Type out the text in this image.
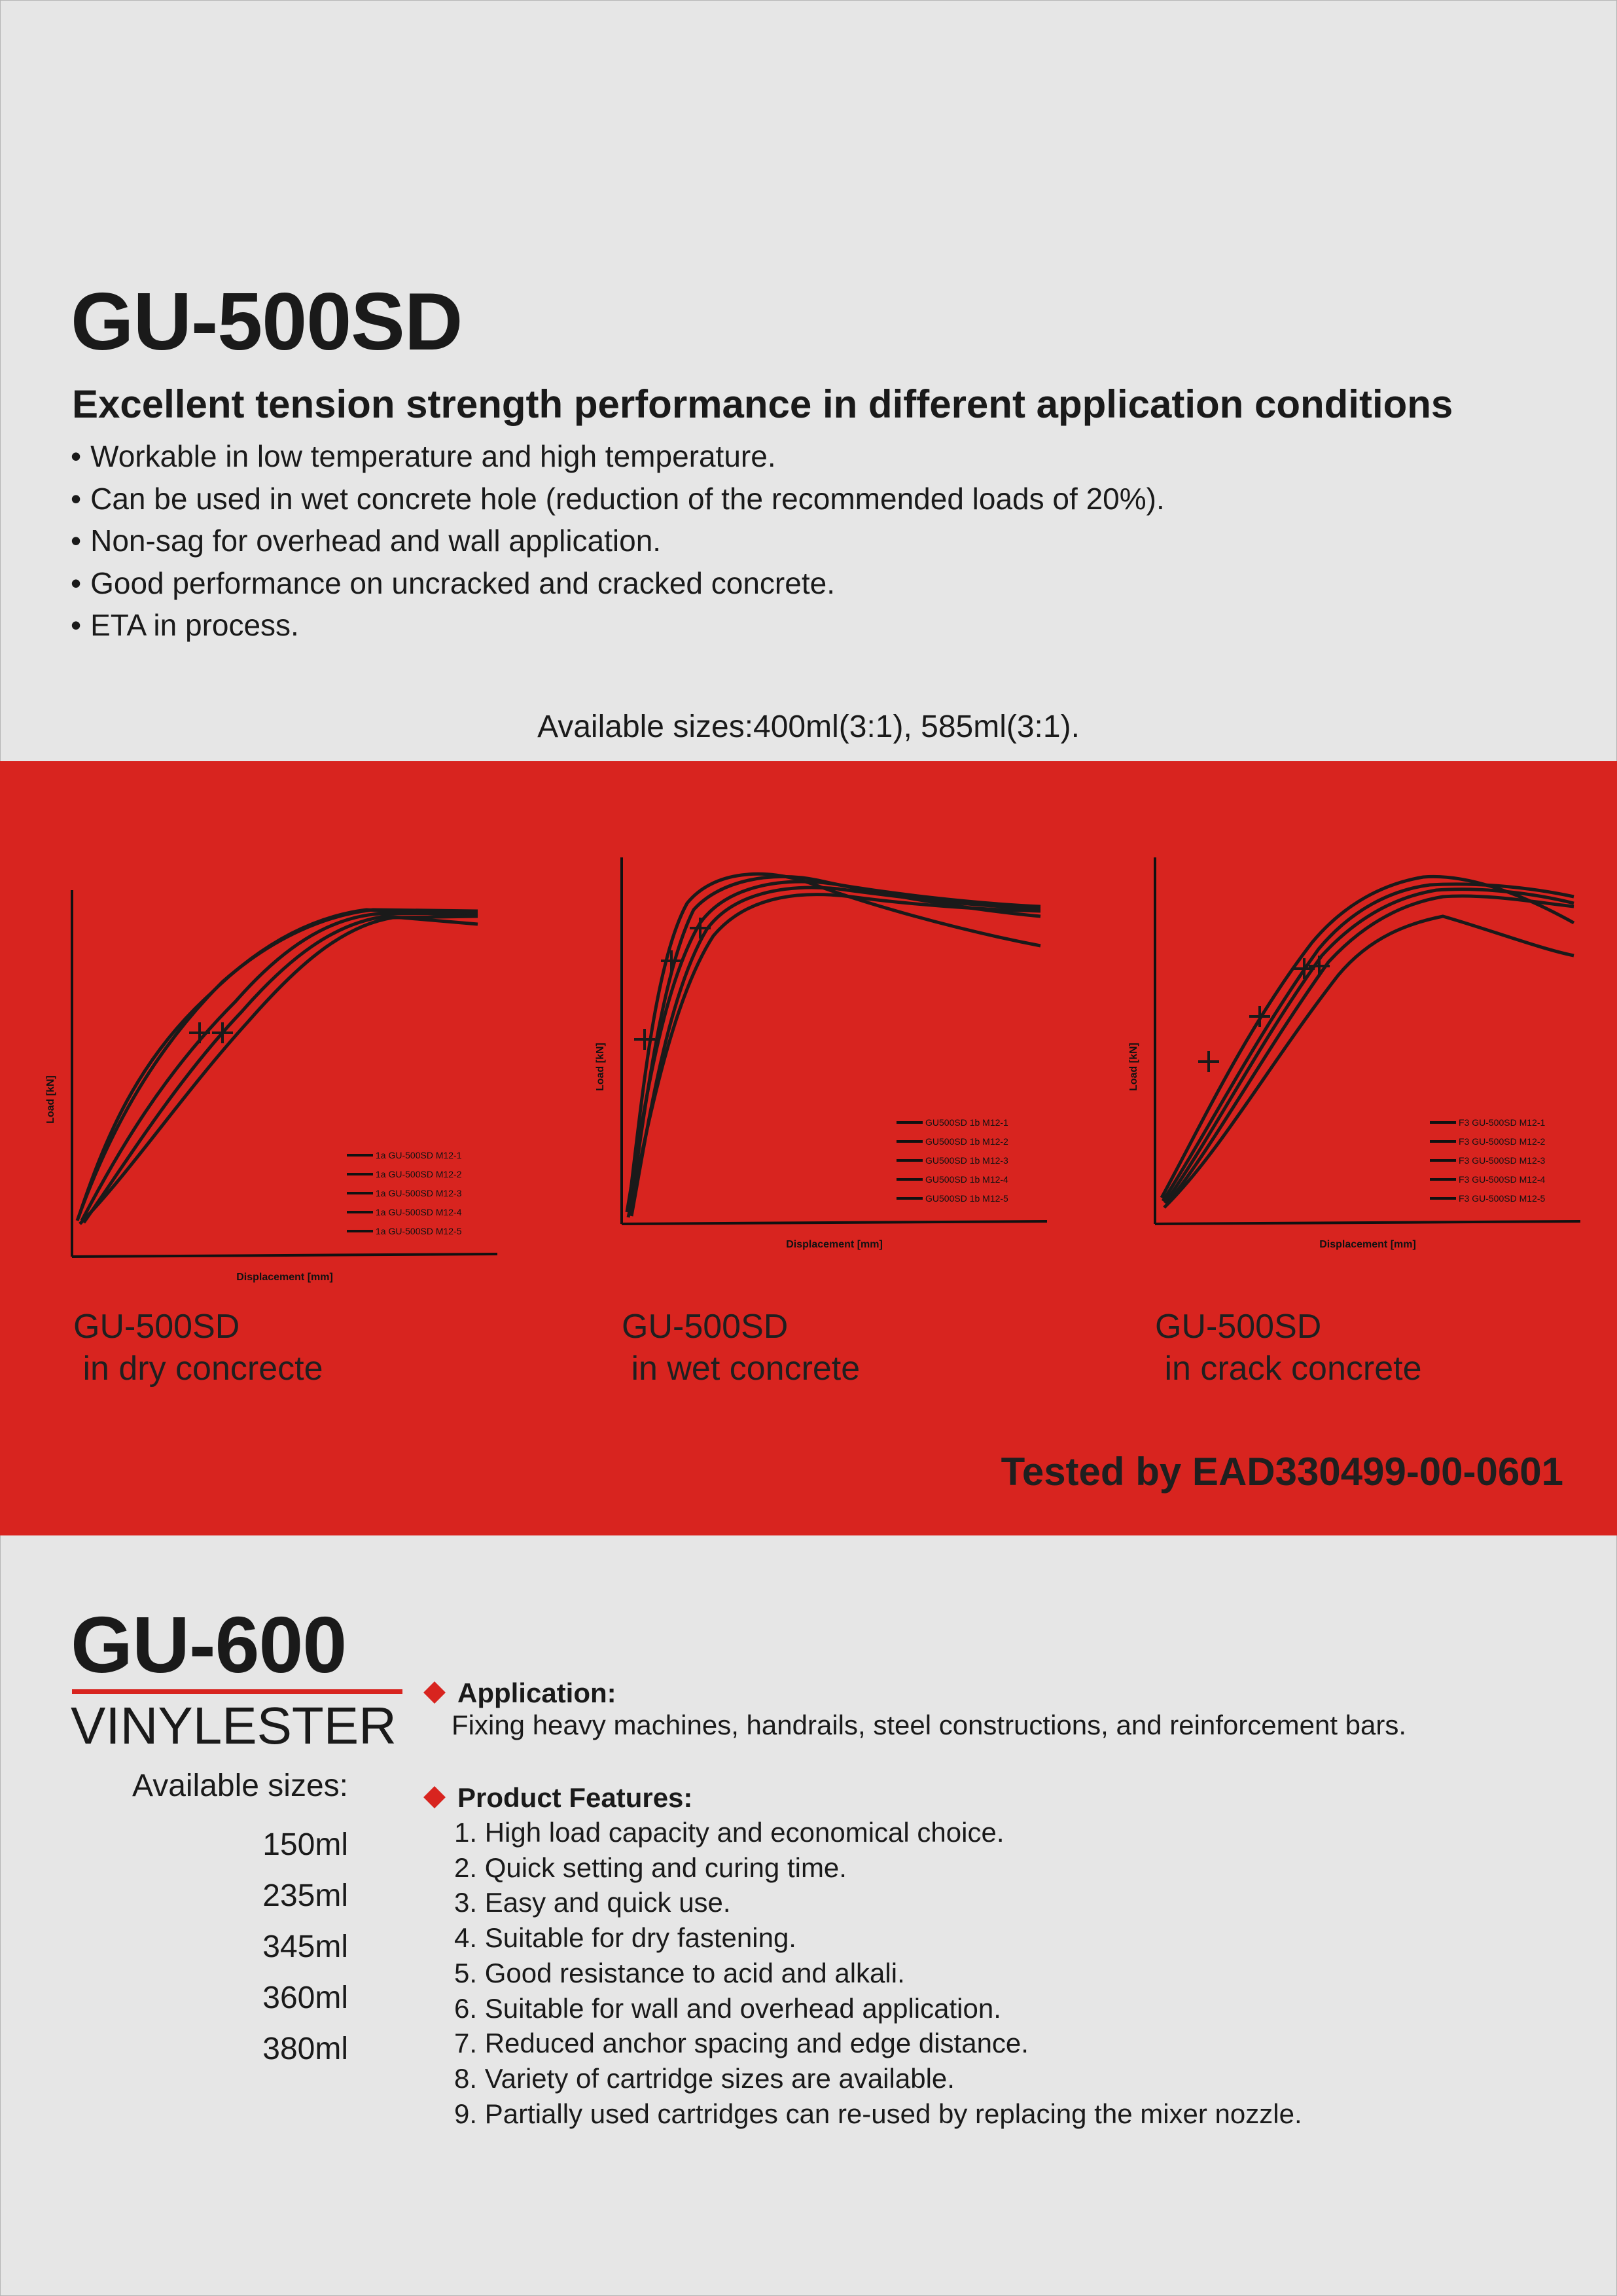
GU-500SD
Excellent tension strength performance in different application conditions
• Workable in low temperature and high temperature.
• Can be used in wet concrete hole (reduction of the recommended loads of 20%).
• Non-sag for overhead and wall application.
• Good performance on uncracked and cracked concrete.
• ETA in process.
Available sizes:400ml(3:1), 585ml(3:1).
Displacement [mm]
Load [kN]
1a GU-500SD M12-1
1a GU-500SD M12-2
1a GU-500SD M12-3
1a GU-500SD M12-4
1a GU-500SD M12-5
Displacement [mm]
Load [kN]
GU500SD 1b M12-1
GU500SD 1b M12-2
GU500SD 1b M12-3
GU500SD 1b M12-4
GU500SD 1b M12-5
Displacement [mm]
Load [kN]
F3 GU-500SD M12-1
F3 GU-500SD M12-2
F3 GU-500SD M12-3
F3 GU-500SD M12-4
F3 GU-500SD M12-5
GU-500SD
in dry concrecte
GU-500SD
in wet concrete
GU-500SD
in crack concrete
Tested by EAD330499-00-0601
GU-600
VINYLESTER
Available sizes:
150ml
235ml
345ml
360ml
380ml
Application:
Fixing heavy machines, handrails, steel constructions, and reinforcement bars.
Product Features:
1. High load capacity and economical choice.
2. Quick setting and curing time.
3. Easy and quick use.
4. Suitable for dry fastening.
5. Good resistance to acid and alkali.
6. Suitable for wall and overhead application.
7. Reduced anchor spacing and edge distance.
8. Variety of cartridge sizes are available.
9. Partially used cartridges can re-used by replacing the mixer nozzle.
